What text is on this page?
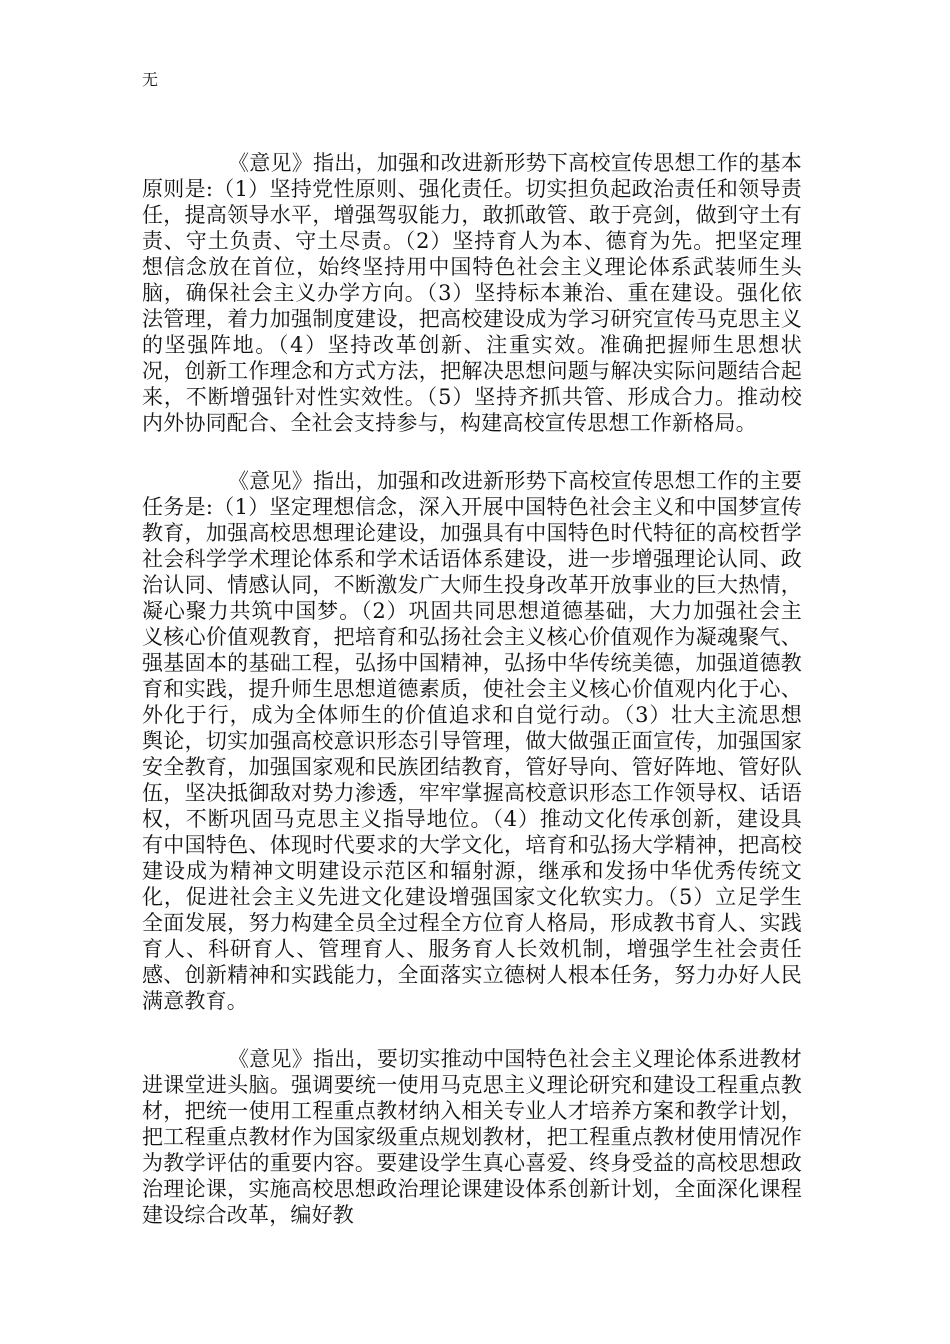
无

《意见》指出，加强和改进新形势下高校宣传思想工作的基本原则是:（1）坚持党性原则、强化责任。切实担负起政治责任和领导责任，提高领导水平，增强驾驭能力，敢抓敢管、敢于亮剑，做到守土有责、守土负责、守土尽责。（2）坚持育人为本、德育为先。把坚定理想信念放在首位，始终坚持用中国特色社会主义理论体系武装师生头脑，确保社会主义办学方向。（3）坚持标本兼治、重在建设。强化依法管理，着力加强制度建设，把高校建设成为学习研究宣传马克思主义的坚强阵地。（4）坚持改革创新、注重实效。准确把握师生思想状况，创新工作理念和方式方法，把解决思想问题与解决实际问题结合起来，不断增强针对性实效性。（5）坚持齐抓共管、形成合力。推动校内外协同配合、全社会支持参与，构建高校宣传思想工作新格局。

《意见》指出，加强和改进新形势下高校宣传思想工作的主要任务是:（1）坚定理想信念，深入开展中国特色社会主义和中国梦宣传教育，加强高校思想理论建设，加强具有中国特色时代特征的高校哲学社会科学学术理论体系和学术话语体系建设，进一步增强理论认同、政治认同、情感认同，不断激发广大师生投身改革开放事业的巨大热情，凝心聚力共筑中国梦。（2）巩固共同思想道德基础，大力加强社会主义核心价值观教育，把培育和弘扬社会主义核心价值观作为凝魂聚气、强基固本的基础工程，弘扬中国精神，弘扬中华传统美德，加强道德教育和实践，提升师生思想道德素质，使社会主义核心价值观内化于心、外化于行，成为全体师生的价值追求和自觉行动。（3）壮大主流思想舆论，切实加强高校意识形态引导管理，做大做强正面宣传，加强国家安全教育，加强国家观和民族团结教育，管好导向、管好阵地、管好队伍，坚决抵御敌对势力渗透，牢牢掌握高校意识形态工作领导权、话语权，不断巩固马克思主义指导地位。（4）推动文化传承创新，建设具有中国特色、体现时代要求的大学文化，培育和弘扬大学精神，把高校建设成为精神文明建设示范区和辐射源，继承和发扬中华优秀传统文化，促进社会主义先进文化建设增强国家文化软实力。（5）立足学生全面发展，努力构建全员全过程全方位育人格局，形成教书育人、实践育人、科研育人、管理育人、服务育人长效机制，增强学生社会责任感、创新精神和实践能力，全面落实立德树人根本任务，努力办好人民满意教育。

《意见》指出，要切实推动中国特色社会主义理论体系进教材进课堂进头脑。强调要统一使用马克思主义理论研究和建设工程重点教材，把统一使用工程重点教材纳入相关专业人才培养方案和教学计划，把工程重点教材作为国家级重点规划教材，把工程重点教材使用情况作为教学评估的重要内容。要建设学生真心喜爱、终身受益的高校思想政治理论课，实施高校思想政治理论课建设体系创新计划，全面深化课程建设综合改革，编好教
